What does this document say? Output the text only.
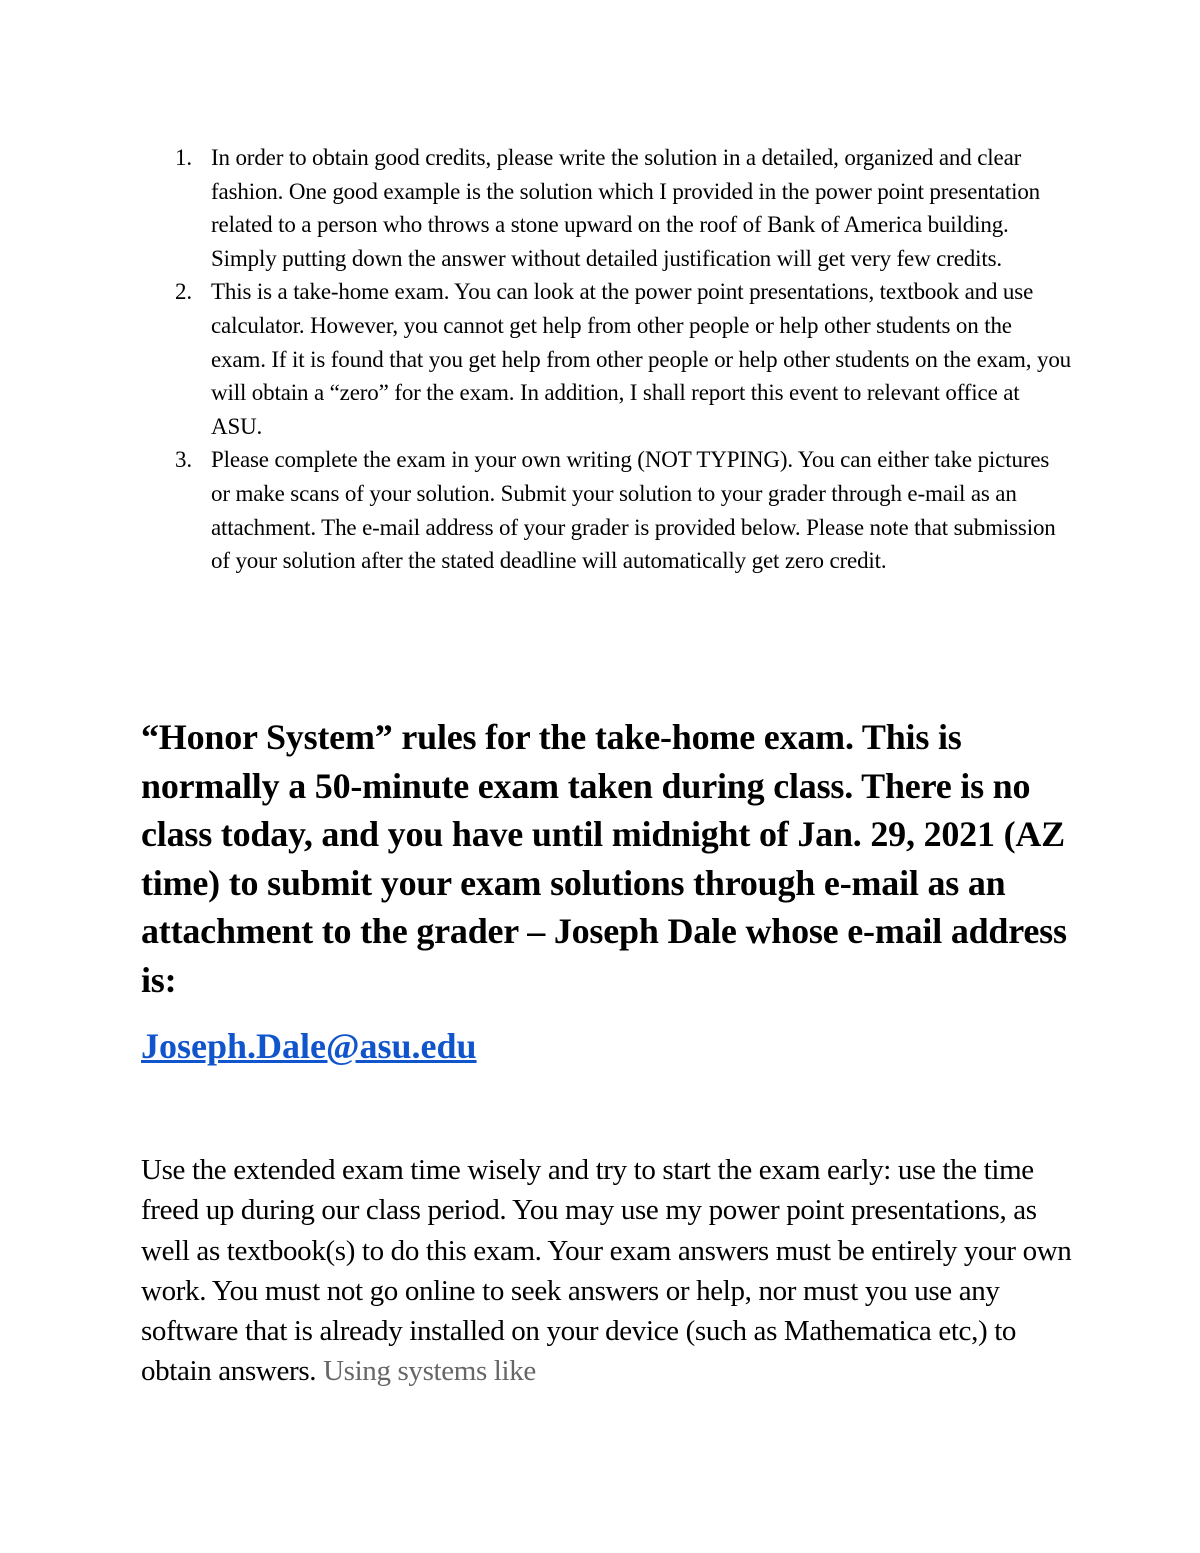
1. In order to obtain good credits, please write the solution in a detailed, organized and clear fashion. One good example is the solution which I provided in the power point presentation related to a person who throws a stone upward on the roof of Bank of America building. Simply putting down the answer without detailed justification will get very few credits.
2. This is a take-home exam. You can look at the power point presentations, textbook and use calculator. However, you cannot get help from other people or help other students on the exam. If it is found that you get help from other people or help other students on the exam, you will obtain a “zero” for the exam. In addition, I shall report this event to relevant office at ASU.
3. Please complete the exam in your own writing (NOT TYPING). You can either take pictures or make scans of your solution. Submit your solution to your grader through e-mail as an attachment. The e-mail address of your grader is provided below. Please note that submission of your solution after the stated deadline will automatically get zero credit.

“Honor System” rules for the take-home exam. This is normally a 50-minute exam taken during class. There is no class today, and you have until midnight of Jan. 29, 2021 (AZ time) to submit your exam solutions through e-mail as an attachment to the grader – Joseph Dale whose e-mail address is:

Joseph.Dale@asu.edu

Use the extended exam time wisely and try to start the exam early: use the time freed up during our class period. You may use my power point presentations, as well as textbook(s) to do this exam. Your exam answers must be entirely your own work. You must not go online to seek answers or help, nor must you use any software that is already installed on your device (such as Mathematica etc,) to obtain answers. Using systems like
